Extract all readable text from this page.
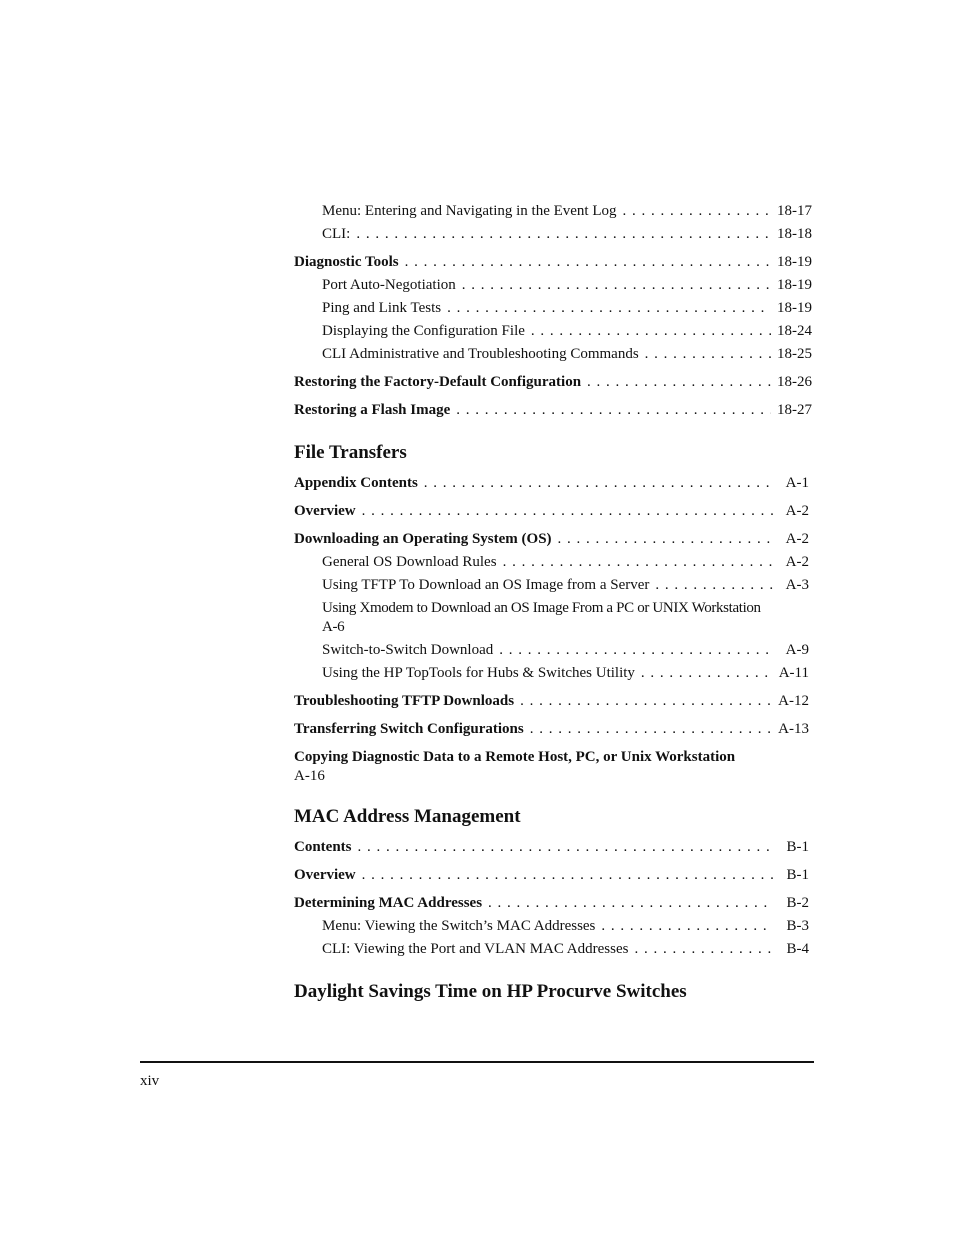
Menu: Entering and Navigating in the Event Log . . .	18-17
CLI: . . .	18-18
Diagnostic Tools . . .	18-19
Port Auto-Negotiation . . .	18-19
Ping and Link Tests . . .	18-19
Displaying the Configuration File . . .	18-24
CLI Administrative and Troubleshooting Commands . . .	18-25
Restoring the Factory-Default Configuration . . .	18-26
Restoring a Flash Image . . .	18-27
File Transfers
Appendix Contents . . .	A-1
Overview . . .	A-2
Downloading an Operating System (OS) . . .	A-2
General OS Download Rules . . .	A-2
Using TFTP To Download an OS Image from a Server . . .	A-3
Using Xmodem to Download an OS Image From a PC or UNIX Workstation
A-6
Switch-to-Switch Download . . .	A-9
Using the HP TopTools for Hubs & Switches Utility . . .	A-11
Troubleshooting TFTP Downloads . . .	A-12
Transferring Switch Configurations . . .	A-13
Copying Diagnostic Data to a Remote Host, PC, or Unix Workstation
A-16
MAC Address Management
Contents . . .	B-1
Overview . . .	B-1
Determining MAC Addresses . . .	B-2
Menu: Viewing the Switch’s MAC Addresses . . .	B-3
CLI: Viewing the Port and VLAN MAC Addresses . . .	B-4
Daylight Savings Time on HP Procurve Switches
xiv
